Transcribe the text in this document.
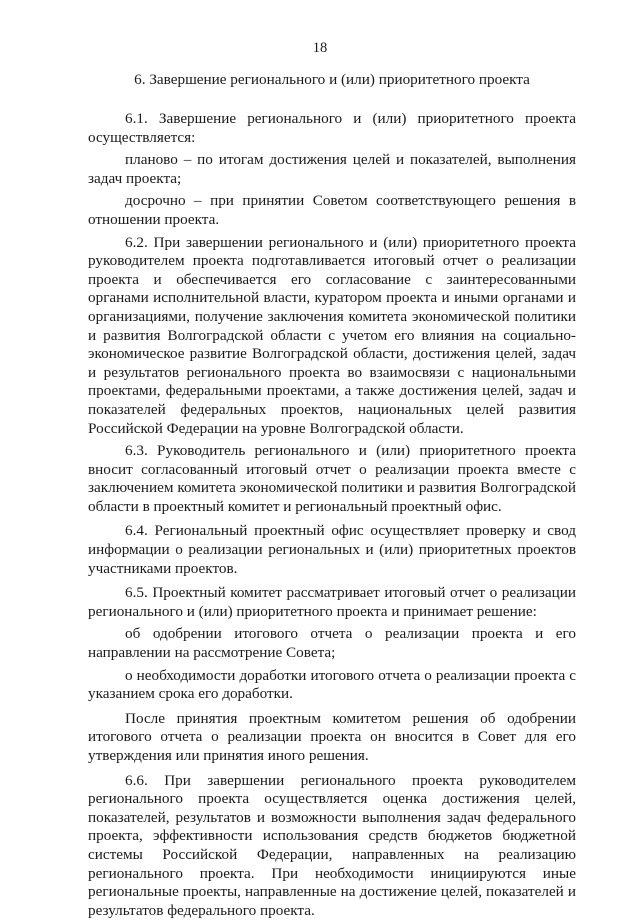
18
6. Завершение регионального и (или) приоритетного проекта

6.1. Завершение регионального и (или) приоритетного проекта осуществляется:

планово – по итогам достижения целей и показателей, выполнения задач проекта;

досрочно – при принятии Советом соответствующего решения в отношении проекта.

6.2. При завершении регионального и (или) приоритетного проекта руководителем проекта подготавливается итоговый отчет о реализации проекта и обеспечивается его согласование с заинтересованными органами исполнительной власти, куратором проекта и иными органами и организациями, получение заключения комитета экономической политики и развития Волгоградской области с учетом его влияния на социально-экономическое развитие Волгоградской области, достижения целей, задач и результатов регионального проекта во взаимосвязи с национальными проектами, федеральными проектами, а также достижения целей, задач и показателей федеральных проектов, национальных целей развития Российской Федерации на уровне Волгоградской области.

6.3. Руководитель регионального и (или) приоритетного проекта вносит согласованный итоговый отчет о реализации проекта вместе с заключением комитета экономической политики и развития Волгоградской области в проектный комитет и региональный проектный офис.

6.4. Региональный проектный офис осуществляет проверку и свод информации о реализации региональных и (или) приоритетных проектов участниками проектов.

6.5. Проектный комитет рассматривает итоговый отчет о реализации регионального и (или) приоритетного проекта и принимает решение:

об одобрении итогового отчета о реализации проекта и его направлении на рассмотрение Совета;

о необходимости доработки итогового отчета о реализации проекта с указанием срока его доработки.

После принятия проектным комитетом решения об одобрении итогового отчета о реализации проекта он вносится в Совет для его утверждения или принятия иного решения.

6.6. При завершении регионального проекта руководителем регионального проекта осуществляется оценка достижения целей, показателей, результатов и возможности выполнения задач федерального проекта, эффективности использования средств бюджетов бюджетной системы Российской Федерации, направленных на реализацию регионального проекта. При необходимости инициируются иные региональные проекты, направленные на достижение целей, показателей и результатов федерального проекта.
